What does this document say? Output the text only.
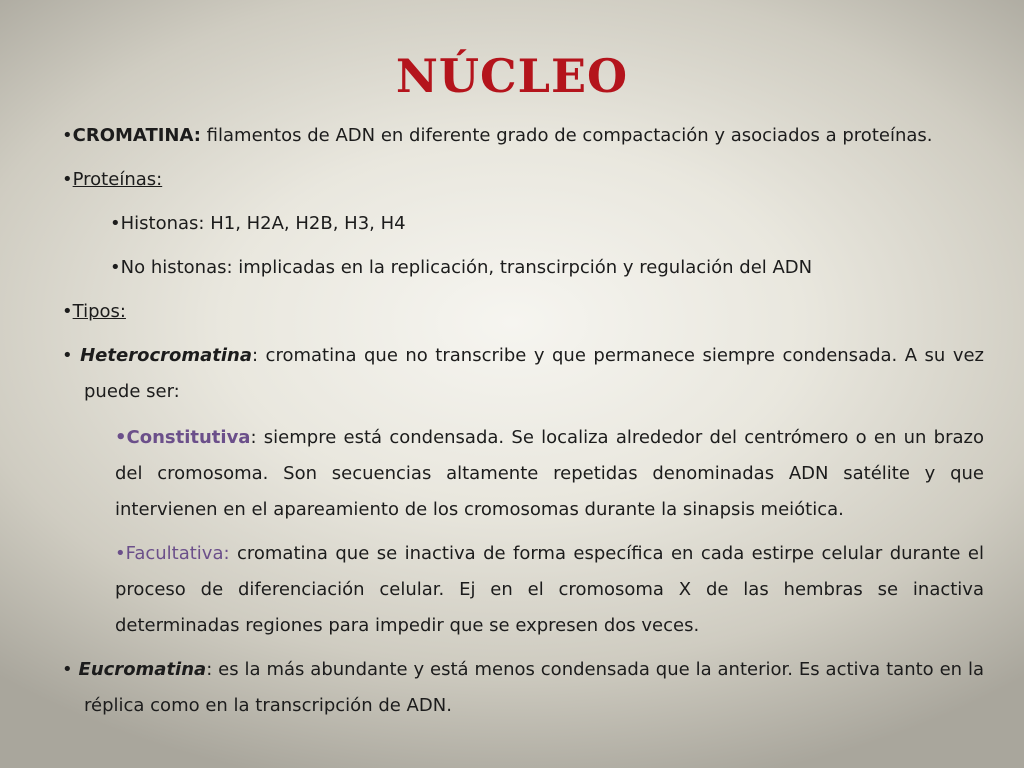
NÚCLEO

•CROMATINA: filamentos de ADN en diferente grado de compactación y asociados a proteínas.

•Proteínas:

•Histonas: H1, H2A, H2B, H3, H4

•No histonas: implicadas en la replicación, transcirpción y regulación del ADN

•Tipos:

• Heterocromatina: cromatina que no transcribe y que permanece siempre condensada. A su vez puede ser:

•Constitutiva: siempre está condensada. Se localiza alrededor del centrómero o en un brazo del cromosoma. Son secuencias altamente repetidas denominadas ADN satélite y que intervienen en el apareamiento de los cromosomas durante la sinapsis meiótica.

•Facultativa: cromatina que se inactiva de forma específica en cada estirpe celular durante el proceso de diferenciación celular. Ej en el cromosoma X de las hembras se inactiva determinadas regiones para impedir que se expresen dos veces.

• Eucromatina: es la más abundante y está menos condensada que la anterior. Es activa tanto en la réplica como en la transcripción de ADN.
